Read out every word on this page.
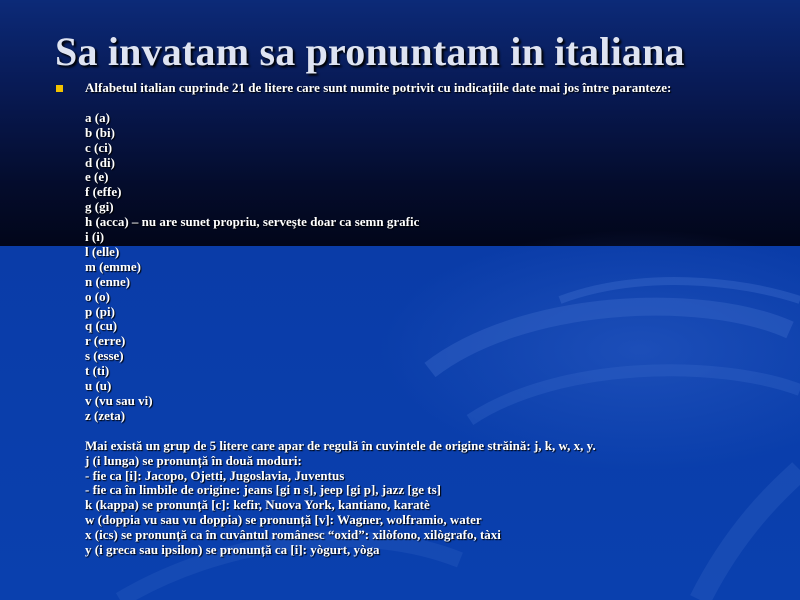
Sa invatam sa pronuntam in italiana
Alfabetul italian cuprinde 21 de litere care sunt numite potrivit cu indicațiile date mai jos între paranteze:
a (a)
b (bi)
c (ci)
d (di)
e (e)
f (effe)
g (gi)
h (acca) – nu are sunet propriu, serveşte doar ca semn grafic
i (i)
l (elle)
m (emme)
n (enne)
o (o)
p (pi)
q (cu)
r (erre)
s (esse)
t (ti)
u (u)
v (vu sau vi)
z (zeta)
Mai există un grup de 5 litere care apar de regulă în cuvintele de origine străină: j, k, w, x, y.
j (i lunga) se pronunță în două moduri:
- fie ca [i]: Jacopo, Ojetti, Jugoslavia, Juventus
- fie ca în limbile de origine: jeans [gi n s], jeep [gi p], jazz [ge ts]
k (kappa) se pronunță [c]: kefir, Nuova York, kantiano, karatè
w (doppia vu sau vu doppia) se pronunță [v]: Wagner, wolframio, water
x (ics) se pronunță ca în cuvântul românesc “oxid”: xilòfono, xilògrafo, tàxi
y (i greca sau ipsilon) se pronunță ca [i]: yògurt, yòga
